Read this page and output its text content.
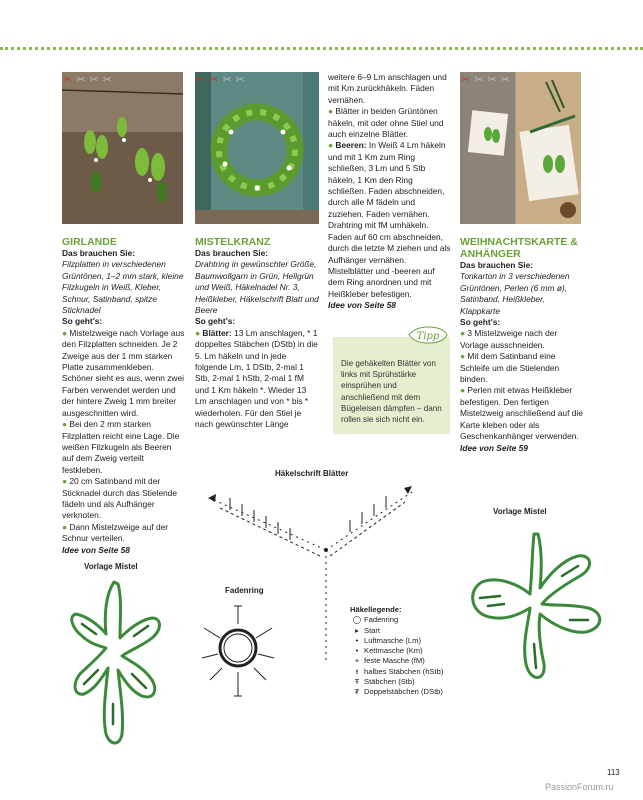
✂ ✂ ✂ ✂	✂ ✂ ✂ ✂	✂ ✂ ✂ ✂

GIRLANDE

Das brauchen Sie:

Filzplatten in verschiedenen Grüntönen, 1–2 mm stark, kleine Filzkugeln in Weiß, Kleber, Schnur, Satinband, spitze Sticknadel

So geht's:

● Mistelzweige nach Vorlage aus den Filzplatten schneiden. Je 2 Zweige aus der 1 mm starken Platte zusammenkleben. Schöner sieht es aus, wenn zwei Farben verwendet werden und der hintere Zweig 1 mm breiter ausgeschnitten wird.

● Bei den 2 mm starken Filzplatten reicht eine Lage. Die weißen Filzkugeln als Beeren auf dem Zweig verteilt festkleben.

● 20 cm Satinband mit der Sticknadel durch das Stielende fädeln und als Aufhänger verknoten.

● Dann Mistelzweige auf der Schnur verteilen.

Idee von Seite 58

MISTELKRANZ

Das brauchen Sie:

Drahtring in gewünschter Größe, Baumwollgarn in Grün, Hellgrün und Weiß, Häkelnadel Nr. 3, Heißkleber, Häkelschrift Blatt und Beere

So geht's:

● Blätter: 13 Lm anschlagen, * 1 doppeltes Stäbchen (DStb) in die 5. Lm häkeln und in jede folgende Lm, 1 DStb, 2-mal 1 Stb, 2-mal 1 hStb, 2-mal 1 fM und 1 Km häkeln *. Wieder 13 Lm anschlagen und von * bis * wiederholen. Für den Stiel je nach gewünschter Länge

weitere 6–9 Lm anschlagen und mit Km zurückhäkeln. Fäden vernähen.

● Blätter in beiden Grüntönen häkeln, mit oder ohne Stiel und auch einzelne Blätter.

● Beeren: In Weiß 4 Lm häkeln und mit 1 Km zum Ring schließen, 3 Lm und 5 Stb häkeln, 1 Km den Ring schließen. Faden abschneiden, durch alle M fädeln und zuziehen. Faden vernähen. Drahtring mit fM umhäkeln. Faden auf 60 cm abschneiden, durch die letzte M ziehen und als Aufhänger vernähen. Mistelblätter und -beeren auf dem Ring anordnen und mit Heißkleber befestigen.

Idee von Seite 58

Tipp
Die gehäkelten Blätter von links mit Sprühstärke einsprühen und anschließend mit dem Bügeleisen dämpfen – dann rollen sie sich nicht ein.

WEIHNACHTSKARTE & ANHÄNGER

Das brauchen Sie:

Tonkarton in 3 verschiedenen Grüntönen, Perlen (6 mm ø), Satinband, Heißkleber, Klappkarte

So geht's:

● 3 Mistelzweige nach der Vorlage ausschneiden.

● Mit dem Satinband eine Schleife um die Stielenden binden.

● Perlen mit etwas Heißkleber befestigen. Den fertigen Mistelzweig anschließend auf die Karte kleben oder als Geschenkanhänger verwenden.

Idee von Seite 59

Häkelschrift Blätter
Fadenring
Vorlage Mistel
Vorlage Mistel
Häkellegende:
◯ Fadenring
▸ Start
• Luftmasche (Lm)
• Kettmasche (Km)
+ feste Masche (fM)
ŧ halbes Stäbchen (hStb)
Ŧ Stäbchen (Stb)
₮ Doppelstäbchen (DStb)
113
PassionForum.ru
